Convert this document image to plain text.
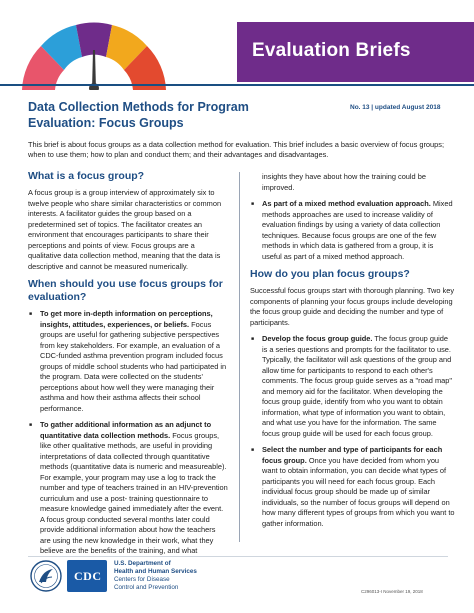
Evaluation Briefs
Data Collection Methods for Program
Evaluation: Focus Groups
No. 13 | updated August 2018
This brief is about focus groups as a data collection method for evaluation. This brief includes a basic overview of focus groups; when to use them; how to plan and conduct them; and their advantages and disadvantages.
What is a focus group?

A focus group is a group interview of approximately six to twelve people who share similar characteristics or common interests. A facilitator guides the group based on a predetermined set of topics. The facilitator creates an environment that encourages participants to share their perceptions and points of view. Focus groups are a qualitative data collection method, meaning that the data is descriptive and cannot be measured numerically.

When should you use focus groups for evaluation?
■ To get more in-depth information on perceptions, insights, attitudes, experiences, or beliefs. Focus groups are useful for gathering subjective perspectives from key stakeholders. For example, an evaluation of a CDC-funded asthma prevention program included focus groups of middle school students who had participated in the program. Data were collected on the students' perceptions about how well they were managing their asthma and how their asthma affects their school performance.
■ To gather additional information as an adjunct to quantitative data collection methods. Focus groups, like other qualitative methods, are useful in providing interpretations of data collected through quantitative methods (quantitative data is numeric and measureable). For example, your program may use a log to track the number and type of teachers trained in an HIV-prevention curriculum and use a post- training questionnaire to measure knowledge gained immediately after the event. A focus group conducted several months later could provide additional information about how the teachers are using the new knowledge in their work, what they believe are the benefits of the training, and what

insights they have about how the training could be improved.

■ As part of a mixed method evaluation approach. Mixed methods approaches are used to increase validity of evaluation findings by using a variety of data collection techniques. Because focus groups are one of the few methods in which data is gathered from a group, it is useful as part of a mixed method approach.
How do you plan focus groups?

Successful focus groups start with thorough planning. Two key components of planning your focus groups include developing the focus group guide and deciding the number and type of participants.

■ Develop the focus group guide. The focus group guide is a series questions and prompts for the facilitator to use. Typically, the facilitator will ask questions of the group and allow time for participants to respond to each other's comments. The focus group guide serves as a "road map" and memory aid for the facilitator. When developing the focus group guide, identify from who you want to obtain information, what type of information you want to obtain, and what use you have for the information. The same focus group guide will be used for each focus group.
■ Select the number and type of participants for each focus group. Once you have decided from whom you want to obtain information, you can decide what types of participants you will need for each focus group. Each individual focus group should be made up of similar individuals, so the number of focus groups will depend on how many different types of groups from which you want to gather information.
CDC
U.S. Department of
Health and Human Services
Centers for Disease
Control and Prevention
C296013-I November 19, 2018
